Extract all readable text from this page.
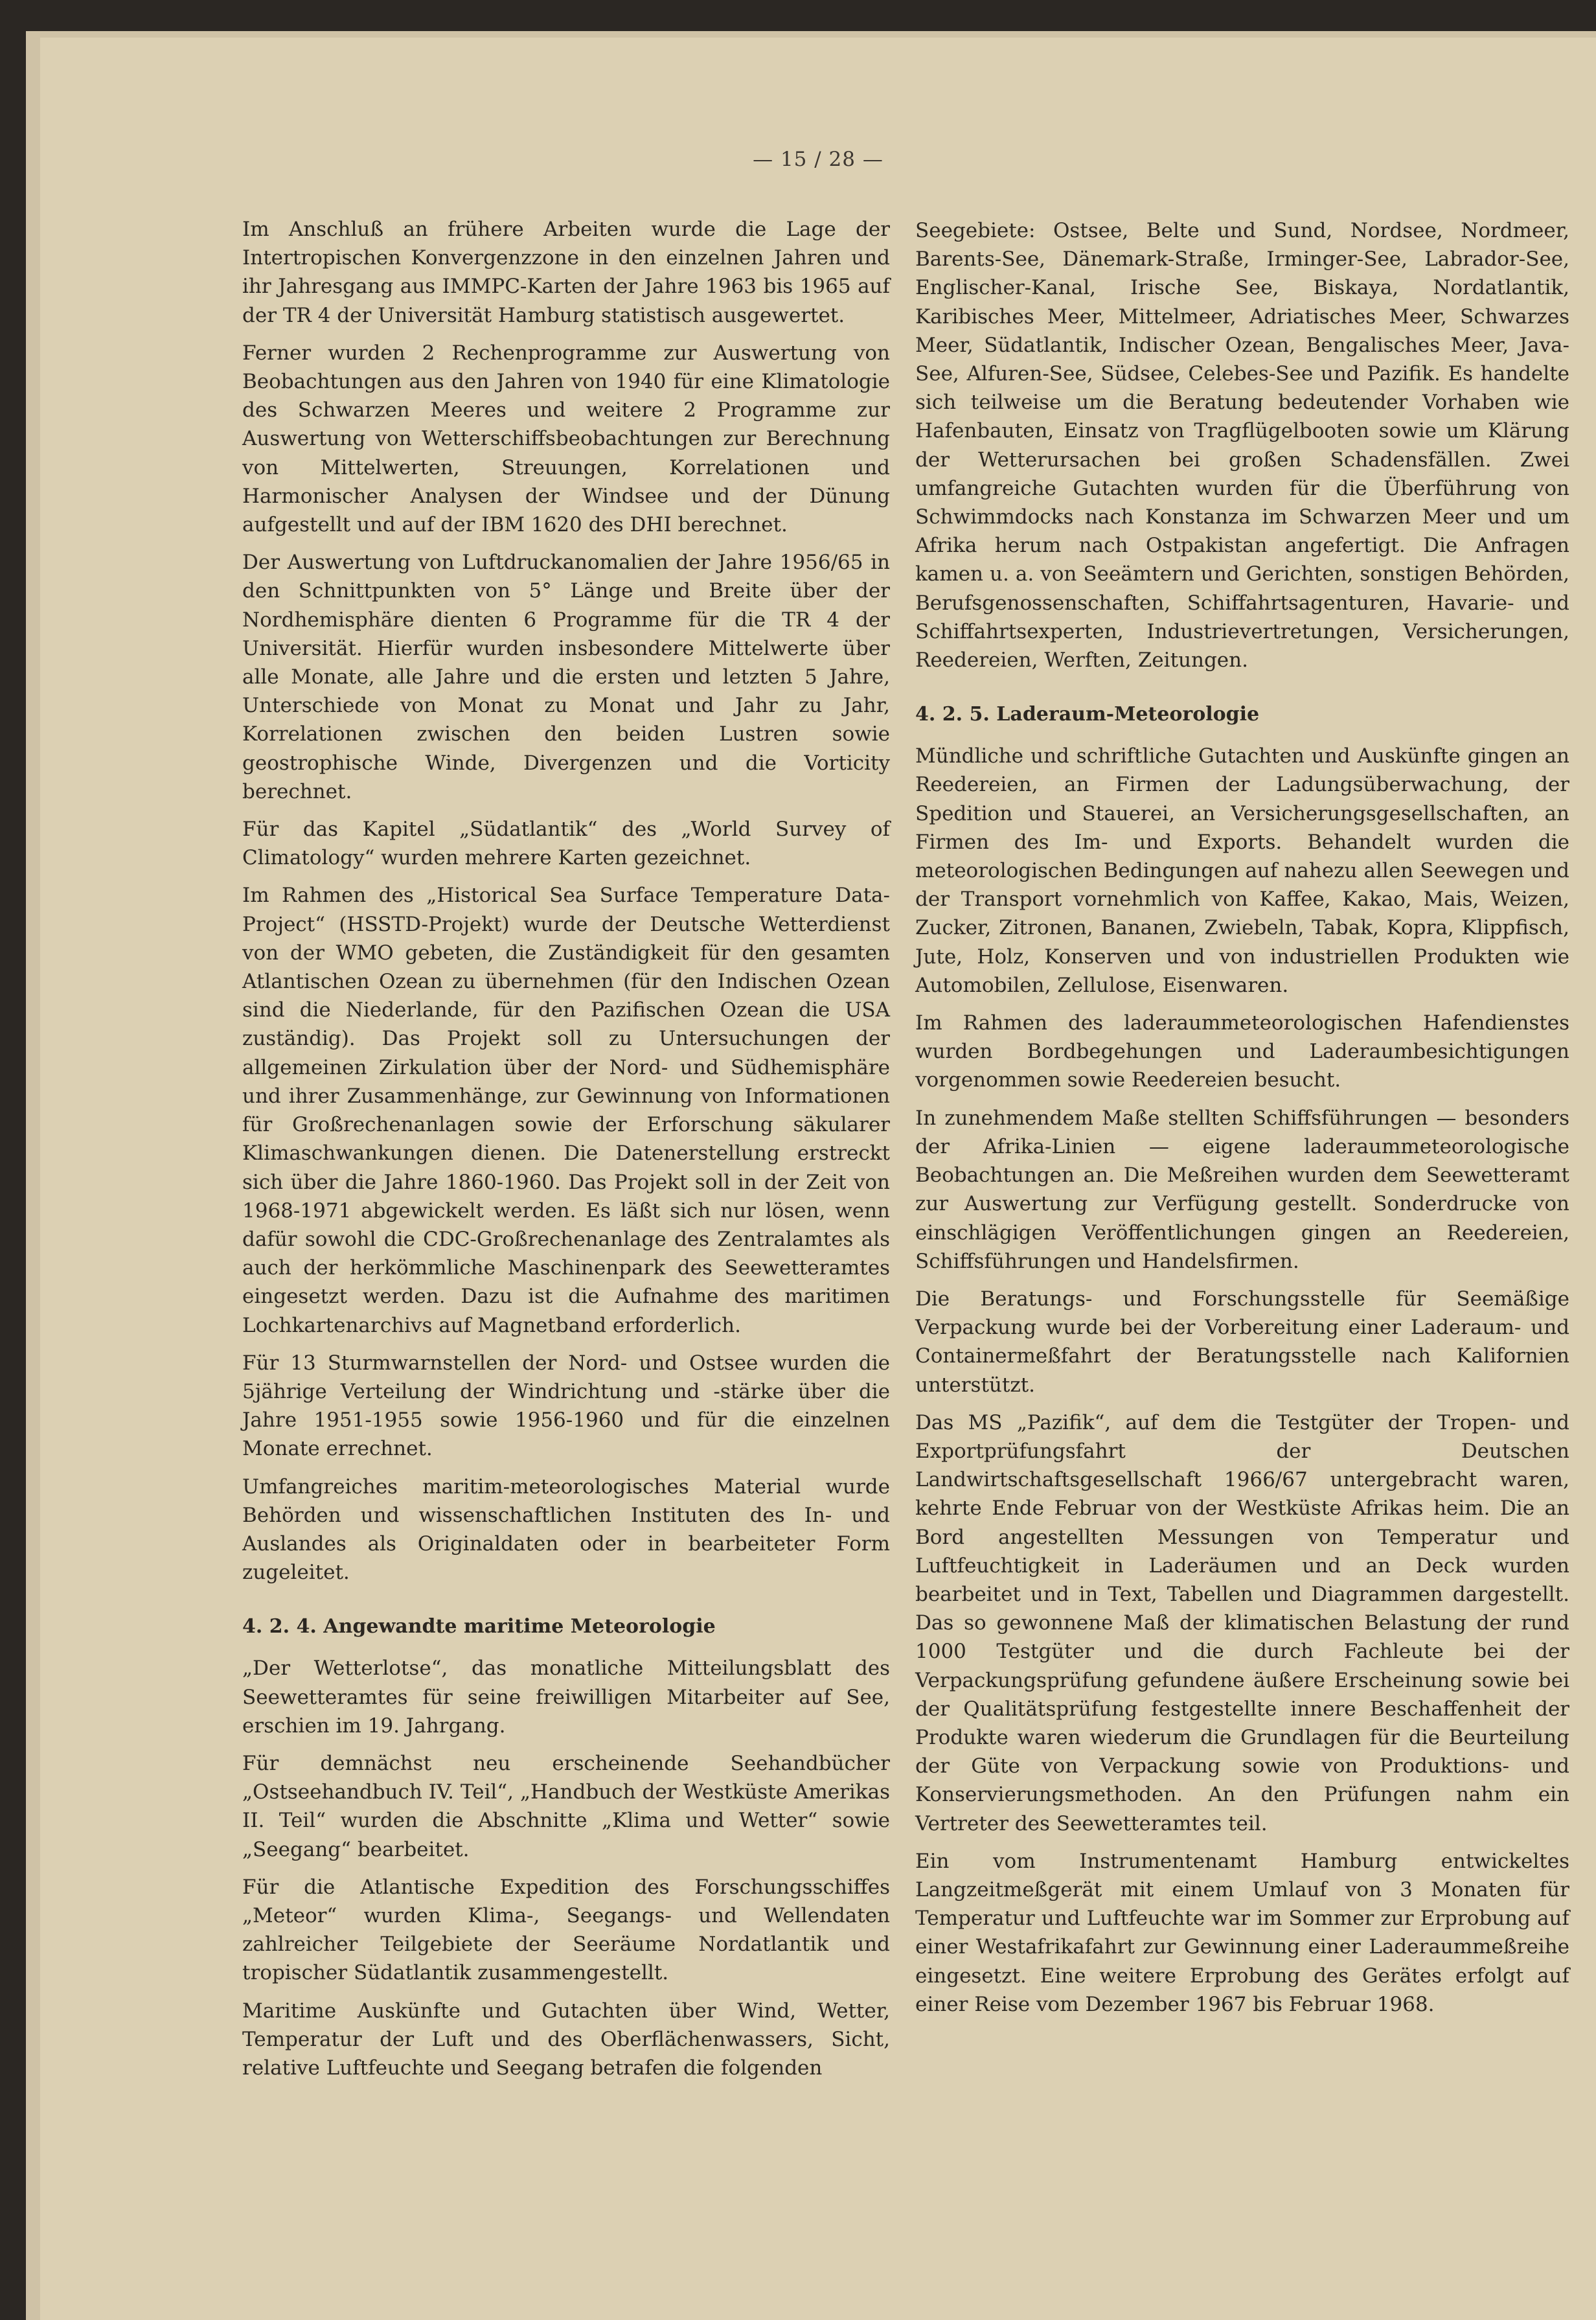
— 15 / 28 —

Im Anschluß an frühere Arbeiten wurde die Lage der Intertropischen Konvergenzzone in den einzelnen Jahren und ihr Jahresgang aus IMMPC-Karten der Jahre 1963 bis 1965 auf der TR 4 der Universität Hamburg statistisch ausgewertet.

Ferner wurden 2 Rechenprogramme zur Auswertung von Beobachtungen aus den Jahren von 1940 für eine Klimatologie des Schwarzen Meeres und weitere 2 Programme zur Auswertung von Wetterschiffsbeobachtungen zur Berechnung von Mittelwerten, Streuungen, Korrelationen und Harmonischer Analysen der Windsee und der Dünung aufgestellt und auf der IBM 1620 des DHI berechnet.

Der Auswertung von Luftdruckanomalien der Jahre 1956/65 in den Schnittpunkten von 5° Länge und Breite über der Nordhemisphäre dienten 6 Programme für die TR 4 der Universität. Hierfür wurden insbesondere Mittelwerte über alle Monate, alle Jahre und die ersten und letzten 5 Jahre, Unterschiede von Monat zu Monat und Jahr zu Jahr, Korrelationen zwischen den beiden Lustren sowie geostrophische Winde, Divergenzen und die Vorticity berechnet.

Für das Kapitel „Südatlantik“ des „World Survey of Climatology“ wurden mehrere Karten gezeichnet.

Im Rahmen des „Historical Sea Surface Temperature Data-Project“ (HSSTD-Projekt) wurde der Deutsche Wetterdienst von der WMO gebeten, die Zuständigkeit für den gesamten Atlantischen Ozean zu übernehmen (für den Indischen Ozean sind die Niederlande, für den Pazifischen Ozean die USA zuständig). Das Projekt soll zu Untersuchungen der allgemeinen Zirkulation über der Nord- und Südhemisphäre und ihrer Zusammenhänge, zur Gewinnung von Informationen für Großrechenanlagen sowie der Erforschung säkularer Klimaschwankungen dienen. Die Datenerstellung erstreckt sich über die Jahre 1860-1960. Das Projekt soll in der Zeit von 1968-1971 abgewickelt werden. Es läßt sich nur lösen, wenn dafür sowohl die CDC-Großrechenanlage des Zentralamtes als auch der herkömmliche Maschinenpark des Seewetteramtes eingesetzt werden. Dazu ist die Aufnahme des maritimen Lochkartenarchivs auf Magnetband erforderlich.

Für 13 Sturmwarnstellen der Nord- und Ostsee wurden die 5jährige Verteilung der Windrichtung und -stärke über die Jahre 1951-1955 sowie 1956-1960 und für die einzelnen Monate errechnet.

Umfangreiches maritim-meteorologisches Material wurde Behörden und wissenschaftlichen Instituten des In- und Auslandes als Originaldaten oder in bearbeiteter Form zugeleitet.

4. 2. 4. Angewandte maritime Meteorologie

„Der Wetterlotse“, das monatliche Mitteilungsblatt des Seewetteramtes für seine freiwilligen Mitarbeiter auf See, erschien im 19. Jahrgang.

Für demnächst neu erscheinende Seehandbücher „Ostseehandbuch IV. Teil“, „Handbuch der Westküste Amerikas II. Teil“ wurden die Abschnitte „Klima und Wetter“ sowie „Seegang“ bearbeitet.

Für die Atlantische Expedition des Forschungsschiffes „Meteor“ wurden Klima-, Seegangs- und Wellendaten zahlreicher Teilgebiete der Seeräume Nordatlantik und tropischer Südatlantik zusammengestellt.

Maritime Auskünfte und Gutachten über Wind, Wetter, Temperatur der Luft und des Oberflächenwassers, Sicht, relative Luftfeuchte und Seegang betrafen die folgenden

Seegebiete: Ostsee, Belte und Sund, Nordsee, Nordmeer, Barents-See, Dänemark-Straße, Irminger-See, Labrador-See, Englischer-Kanal, Irische See, Biskaya, Nordatlantik, Karibisches Meer, Mittelmeer, Adriatisches Meer, Schwarzes Meer, Südatlantik, Indischer Ozean, Bengalisches Meer, Java-See, Alfuren-See, Südsee, Celebes-See und Pazifik. Es handelte sich teilweise um die Beratung bedeutender Vorhaben wie Hafenbauten, Einsatz von Tragflügelbooten sowie um Klärung der Wetterursachen bei großen Schadensfällen. Zwei umfangreiche Gutachten wurden für die Überführung von Schwimmdocks nach Konstanza im Schwarzen Meer und um Afrika herum nach Ostpakistan angefertigt. Die Anfragen kamen u. a. von Seeämtern und Gerichten, sonstigen Behörden, Berufsgenossenschaften, Schiffahrtsagenturen, Havarie- und Schiffahrtsexperten, Industrievertretungen, Versicherungen, Reedereien, Werften, Zeitungen.

4. 2. 5. Laderaum-Meteorologie

Mündliche und schriftliche Gutachten und Auskünfte gingen an Reedereien, an Firmen der Ladungsüberwachung, der Spedition und Stauerei, an Versicherungsgesellschaften, an Firmen des Im- und Exports. Behandelt wurden die meteorologischen Bedingungen auf nahezu allen Seewegen und der Transport vornehmlich von Kaffee, Kakao, Mais, Weizen, Zucker, Zitronen, Bananen, Zwiebeln, Tabak, Kopra, Klippfisch, Jute, Holz, Konserven und von industriellen Produkten wie Automobilen, Zellulose, Eisenwaren.

Im Rahmen des laderaummeteorologischen Hafendienstes wurden Bordbegehungen und Laderaumbesichtigungen vorgenommen sowie Reedereien besucht.

In zunehmendem Maße stellten Schiffsführungen — besonders der Afrika-Linien — eigene laderaummeteorologische Beobachtungen an. Die Meßreihen wurden dem Seewetteramt zur Auswertung zur Verfügung gestellt. Sonderdrucke von einschlägigen Veröffentlichungen gingen an Reedereien, Schiffsführungen und Handelsfirmen.

Die Beratungs- und Forschungsstelle für Seemäßige Verpackung wurde bei der Vorbereitung einer Laderaum- und Containermeßfahrt der Beratungsstelle nach Kalifornien unterstützt.

Das MS „Pazifik“, auf dem die Testgüter der Tropen- und Exportprüfungsfahrt der Deutschen Landwirtschaftsgesellschaft 1966/67 untergebracht waren, kehrte Ende Februar von der Westküste Afrikas heim. Die an Bord angestellten Messungen von Temperatur und Luftfeuchtigkeit in Laderäumen und an Deck wurden bearbeitet und in Text, Tabellen und Diagrammen dargestellt. Das so gewonnene Maß der klimatischen Belastung der rund 1000 Testgüter und die durch Fachleute bei der Verpackungsprüfung gefundene äußere Erscheinung sowie bei der Qualitätsprüfung festgestellte innere Beschaffenheit der Produkte waren wiederum die Grundlagen für die Beurteilung der Güte von Verpackung sowie von Produktions- und Konservierungsmethoden. An den Prüfungen nahm ein Vertreter des Seewetteramtes teil.

Ein vom Instrumentenamt Hamburg entwickeltes Langzeitmeßgerät mit einem Umlauf von 3 Monaten für Temperatur und Luftfeuchte war im Sommer zur Erprobung auf einer Westafrikafahrt zur Gewinnung einer Laderaummeßreihe eingesetzt. Eine weitere Erprobung des Gerätes erfolgt auf einer Reise vom Dezember 1967 bis Februar 1968.
